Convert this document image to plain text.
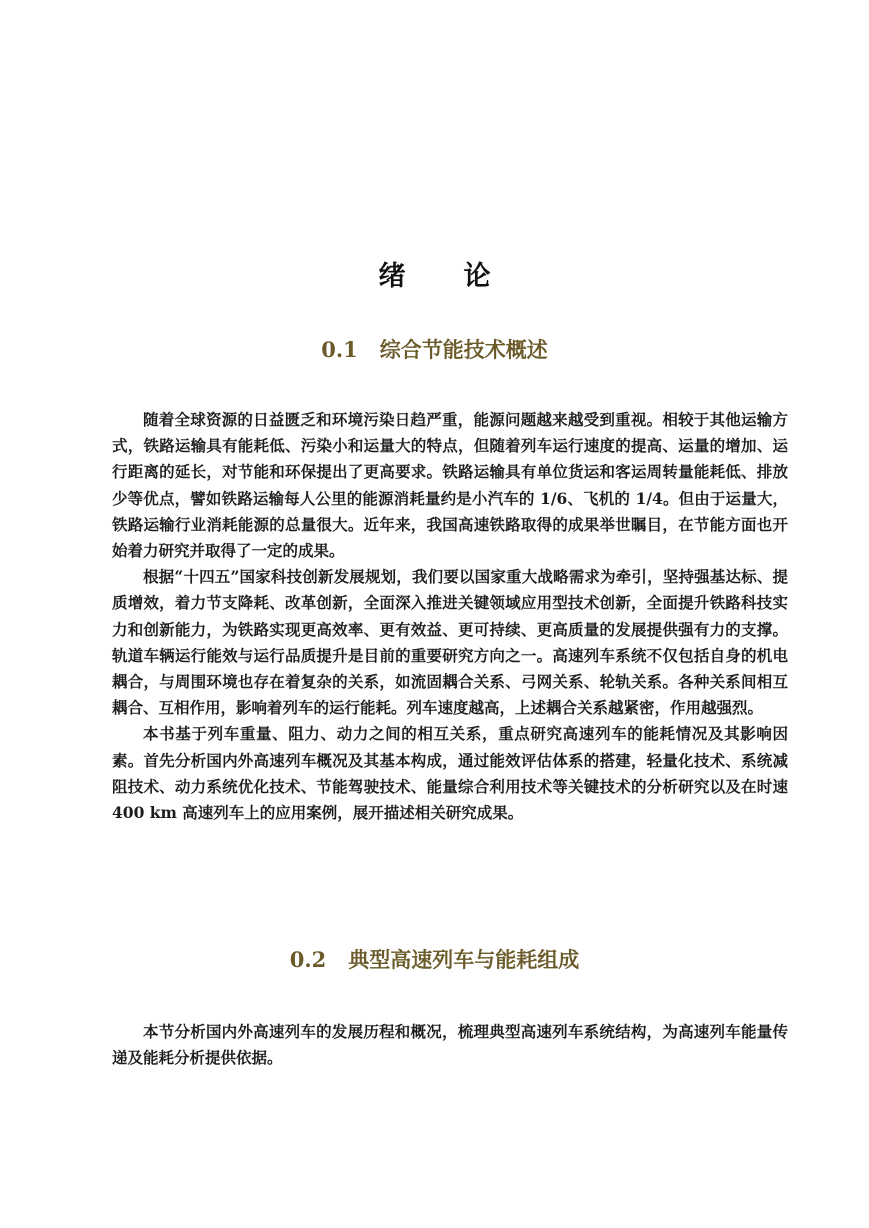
绪论
0.1 综合节能技术概述

随着全球资源的日益匮乏和环境污染日趋严重，能源问题越来越受到重视。相较于其他运输方式，铁路运输具有能耗低、污染小和运量大的特点，但随着列车运行速度的提高、运量的增加、运行距离的延长，对节能和环保提出了更高要求。铁路运输具有单位货运和客运周转量能耗低、排放少等优点，譬如铁路运输每人公里的能源消耗量约是小汽车的 1/6、飞机的 1/4。但由于运量大，铁路运输行业消耗能源的总量很大。近年来，我国高速铁路取得的成果举世瞩目，在节能方面也开始着力研究并取得了一定的成果。

根据“十四五”国家科技创新发展规划，我们要以国家重大战略需求为牵引，坚持强基达标、提质增效，着力节支降耗、改革创新，全面深入推进关键领域应用型技术创新，全面提升铁路科技实力和创新能力，为铁路实现更高效率、更有效益、更可持续、更高质量的发展提供强有力的支撑。轨道车辆运行能效与运行品质提升是目前的重要研究方向之一。高速列车系统不仅包括自身的机电耦合，与周围环境也存在着复杂的关系，如流固耦合关系、弓网关系、轮轨关系。各种关系间相互耦合、互相作用，影响着列车的运行能耗。列车速度越高，上述耦合关系越紧密，作用越强烈。

本书基于列车重量、阻力、动力之间的相互关系，重点研究高速列车的能耗情况及其影响因素。首先分析国内外高速列车概况及其基本构成，通过能效评估体系的搭建，轻量化技术、系统减阻技术、动力系统优化技术、节能驾驶技术、能量综合利用技术等关键技术的分析研究以及在时速 400 km 高速列车上的应用案例，展开描述相关研究成果。

0.2 典型高速列车与能耗组成

本节分析国内外高速列车的发展历程和概况，梳理典型高速列车系统结构，为高速列车能量传递及能耗分析提供依据。
